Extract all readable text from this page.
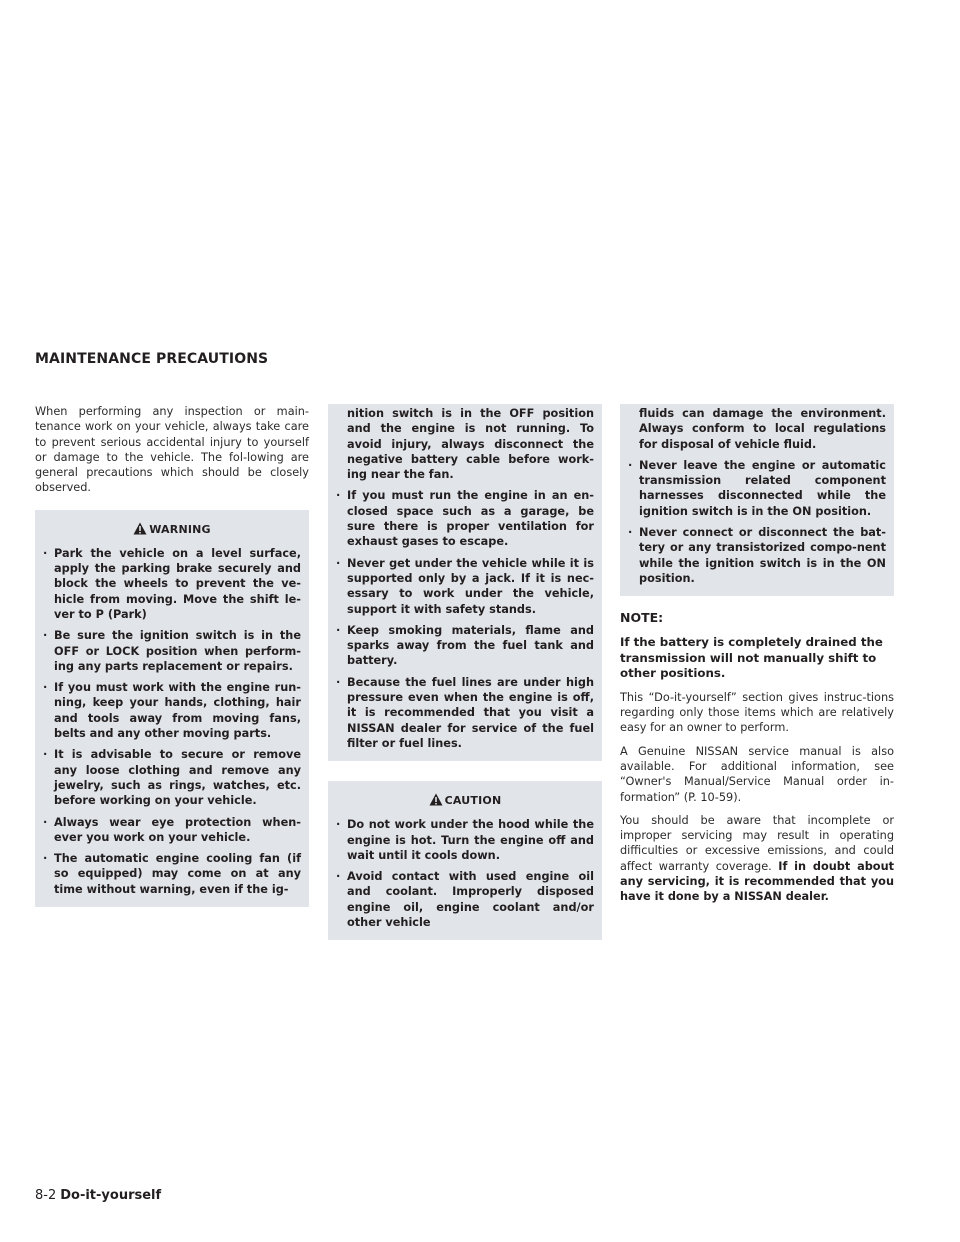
MAINTENANCE PRECAUTIONS

When performing any inspection or main-tenance work on your vehicle, always take care to prevent serious accidental injury to yourself or damage to the vehicle. The fol-lowing are general precautions which should be closely observed.

WARNING
· Park the vehicle on a level surface, apply the parking brake securely and block the wheels to prevent the ve-hicle from moving. Move the shift le-ver to P (Park)
· Be sure the ignition switch is in the OFF or LOCK position when perform-ing any parts replacement or repairs.
· If you must work with the engine run-ning, keep your hands, clothing, hair and tools away from moving fans, belts and any other moving parts.
· It is advisable to secure or remove any loose clothing and remove any jewelry, such as rings, watches, etc. before working on your vehicle.
· Always wear eye protection when-ever you work on your vehicle.
· The automatic engine cooling fan (if so equipped) may come on at any time without warning, even if the ig-

nition switch is in the OFF position and the engine is not running. To avoid injury, always disconnect the negative battery cable before work-ing near the fan.

· If you must run the engine in an en-closed space such as a garage, be sure there is proper ventilation for exhaust gases to escape.
· Never get under the vehicle while it is supported only by a jack. If it is nec-essary to work under the vehicle, support it with safety stands.
· Keep smoking materials, flame and sparks away from the fuel tank and battery.
· Because the fuel lines are under high pressure even when the engine is off, it is recommended that you visit a NISSAN dealer for service of the fuel filter or fuel lines.
CAUTION
· Do not work under the hood while the engine is hot. Turn the engine off and wait until it cools down.
· Avoid contact with used engine oil and coolant. Improperly disposed engine oil, engine coolant and/or other vehicle

fluids can damage the environment. Always conform to local regulations for disposal of vehicle fluid.

· Never leave the engine or automatic transmission related component harnesses disconnected while the ignition switch is in the ON position.
· Never connect or disconnect the bat-tery or any transistorized compo-nent while the ignition switch is in the ON position.
NOTE:

If the battery is completely drained the transmission will not manually shift to other positions.

This “Do-it-yourself” section gives instruc-tions regarding only those items which are relatively easy for an owner to perform.

A Genuine NISSAN service manual is also available. For additional information, see “Owner's Manual/Service Manual order in-formation” (P. 10-59).

You should be aware that incomplete or improper servicing may result in operating difficulties or excessive emissions, and could affect warranty coverage. If in doubt about any servicing, it is recommended that you have it done by a NISSAN dealer.

8-2 Do-it-yourself
